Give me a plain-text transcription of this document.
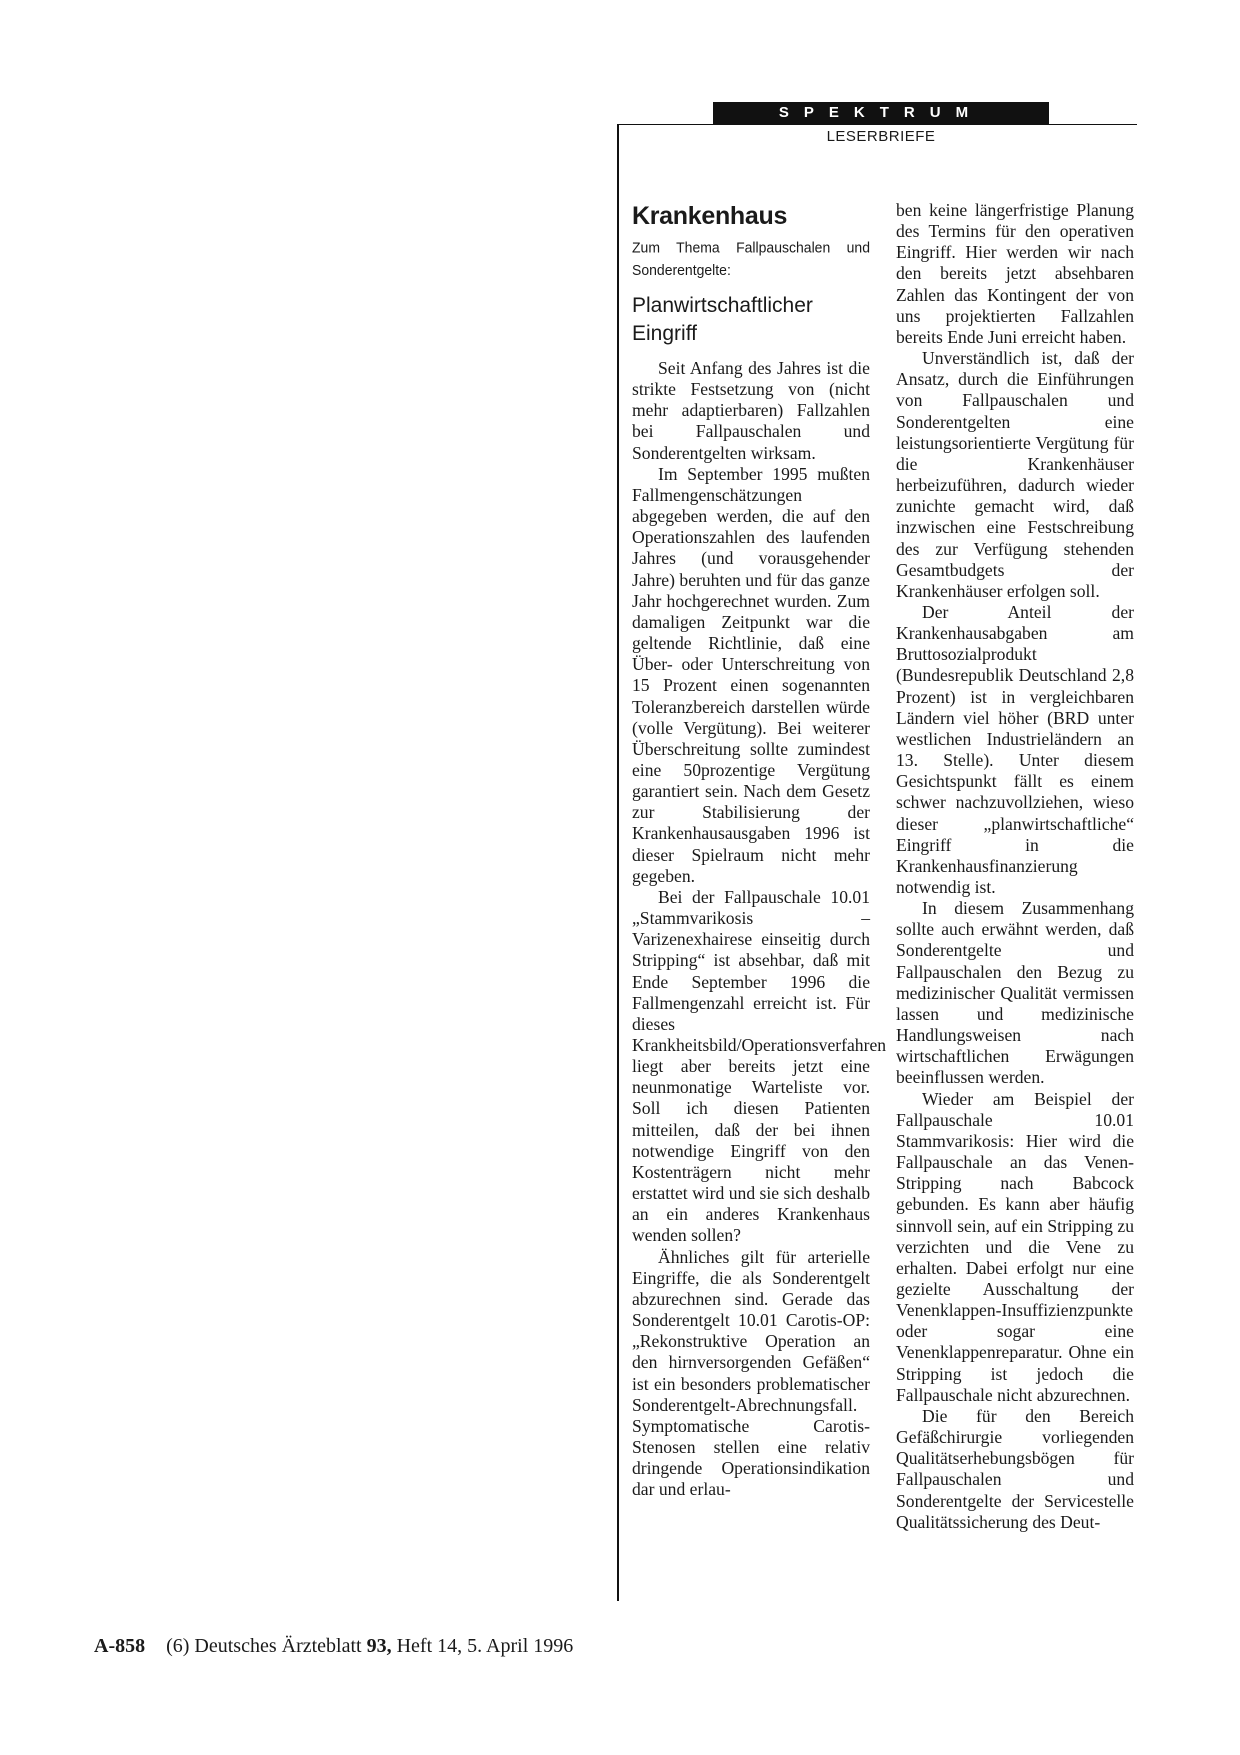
SPEKTRUM
LESERBRIEFE
Krankenhaus
Zum Thema Fallpauschalen und Sonderentgelte:
Planwirtschaftlicher Eingriff

Seit Anfang des Jahres ist die strikte Festsetzung von (nicht mehr adaptierbaren) Fallzahlen bei Fallpauschalen und Sonderentgelten wirksam.

Im September 1995 mußten Fallmengenschätzungen abgegeben werden, die auf den Operationszahlen des laufenden Jahres (und vorausgehender Jahre) beruhten und für das ganze Jahr hochgerechnet wurden. Zum damaligen Zeitpunkt war die geltende Richtlinie, daß eine Über- oder Unterschreitung von 15 Prozent einen sogenannten Toleranzbereich darstellen würde (volle Vergütung). Bei weiterer Überschreitung sollte zumindest eine 50prozentige Vergütung garantiert sein. Nach dem Gesetz zur Stabilisierung der Krankenhausausgaben 1996 ist dieser Spielraum nicht mehr gegeben.

Bei der Fallpauschale 10.01 „Stammvarikosis – Varizenexhairese einseitig durch Stripping“ ist absehbar, daß mit Ende September 1996 die Fallmengenzahl erreicht ist. Für dieses Krankheitsbild/Operationsverfahren liegt aber bereits jetzt eine neunmonatige Warteliste vor. Soll ich diesen Patienten mitteilen, daß der bei ihnen notwendige Eingriff von den Kostenträgern nicht mehr erstattet wird und sie sich deshalb an ein anderes Krankenhaus wenden sollen?

Ähnliches gilt für arterielle Eingriffe, die als Sonderentgelt abzurechnen sind. Gerade das Sonderentgelt 10.01 Carotis-OP: „Rekonstruktive Operation an den hirnversorgenden Gefäßen“ ist ein besonders problematischer Sonderentgelt-Abrechnungsfall. Symptomatische Carotis-Stenosen stellen eine relativ dringende Operationsindikation dar und erlau-

ben keine längerfristige Planung des Termins für den operativen Eingriff. Hier werden wir nach den bereits jetzt absehbaren Zahlen das Kontingent der von uns projektierten Fallzahlen bereits Ende Juni erreicht haben.

Unverständlich ist, daß der Ansatz, durch die Einführungen von Fallpauschalen und Sonderentgelten eine leistungsorientierte Vergütung für die Krankenhäuser herbeizuführen, dadurch wieder zunichte gemacht wird, daß inzwischen eine Festschreibung des zur Verfügung stehenden Gesamtbudgets der Krankenhäuser erfolgen soll.

Der Anteil der Krankenhausabgaben am Bruttosozialprodukt (Bundesrepublik Deutschland 2,8 Prozent) ist in vergleichbaren Ländern viel höher (BRD unter westlichen Industrieländern an 13. Stelle). Unter diesem Gesichtspunkt fällt es einem schwer nachzuvollziehen, wieso dieser „planwirtschaftliche“ Eingriff in die Krankenhausfinanzierung notwendig ist.

In diesem Zusammenhang sollte auch erwähnt werden, daß Sonderentgelte und Fallpauschalen den Bezug zu medizinischer Qualität vermissen lassen und medizinische Handlungsweisen nach wirtschaftlichen Erwägungen beeinflussen werden.

Wieder am Beispiel der Fallpauschale 10.01 Stammvarikosis: Hier wird die Fallpauschale an das Venen-Stripping nach Babcock gebunden. Es kann aber häufig sinnvoll sein, auf ein Stripping zu verzichten und die Vene zu erhalten. Dabei erfolgt nur eine gezielte Ausschaltung der Venenklappen-Insuffizienzpunkte oder sogar eine Venenklappenreparatur. Ohne ein Stripping ist jedoch die Fallpauschale nicht abzurechnen.

Die für den Bereich Gefäßchirurgie vorliegenden Qualitätserhebungsbögen für Fallpauschalen und Sonderentgelte der Servicestelle Qualitätssicherung des Deut-

A-858 (6) Deutsches Ärzteblatt 93, Heft 14, 5. April 1996
